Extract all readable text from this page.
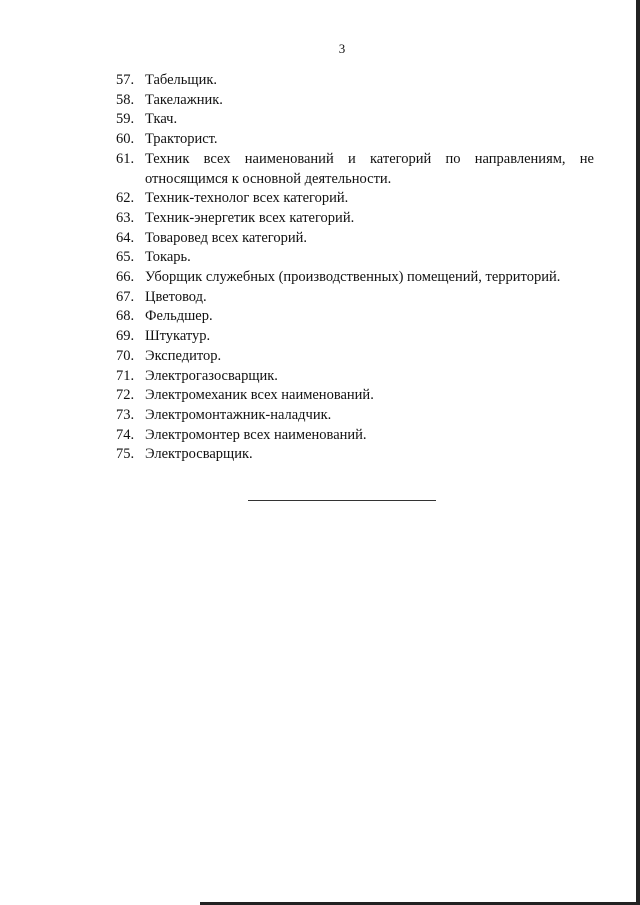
3
57. Табельщик.
58. Такелажник.
59. Ткач.
60. Тракторист.
61. Техник всех наименований и категорий по направлениям, не относящимся к основной деятельности.
62. Техник-технолог всех категорий.
63. Техник-энергетик всех категорий.
64. Товаровед всех категорий.
65. Токарь.
66. Уборщик служебных (производственных) помещений, территорий.
67. Цветовод.
68. Фельдшер.
69. Штукатур.
70. Экспедитор.
71. Электрогазосварщик.
72. Электромеханик всех наименований.
73. Электромонтажник-наладчик.
74. Электромонтер всех наименований.
75. Электросварщик.
